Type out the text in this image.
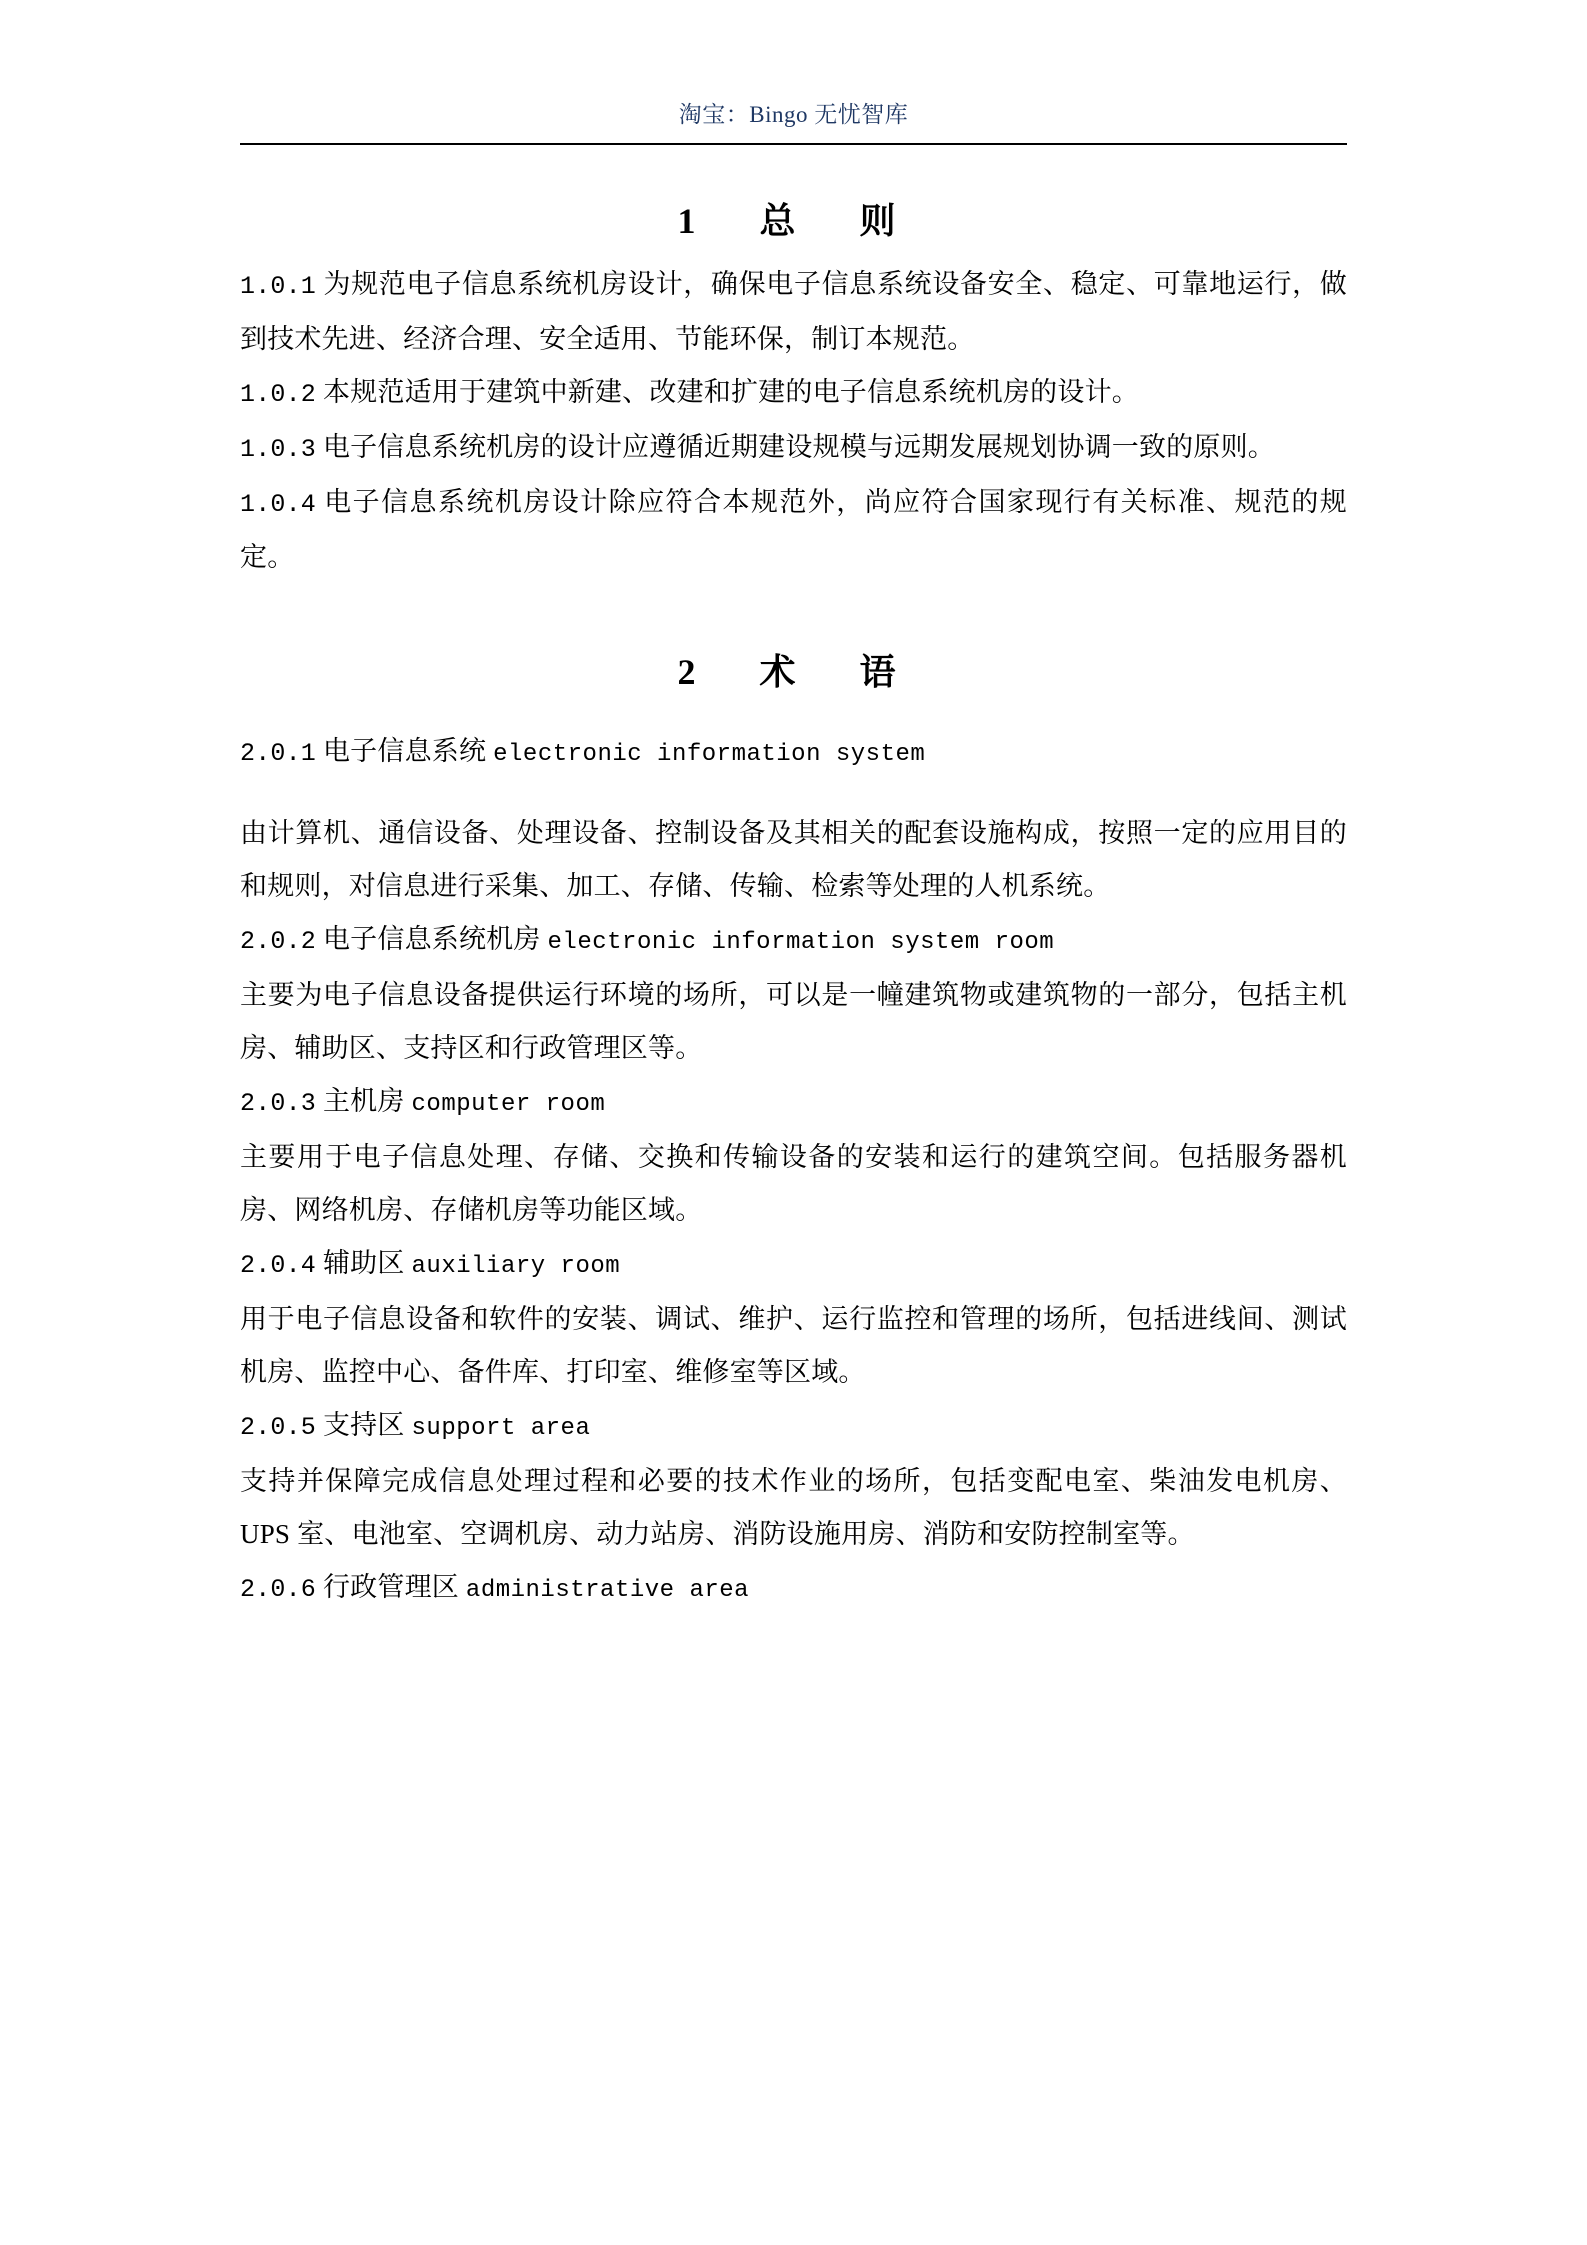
淘宝：Bingo 无忧智库
1　总　则

1.0.1 为规范电子信息系统机房设计，确保电子信息系统设备安全、稳定、可靠地运行，做到技术先进、经济合理、安全适用、节能环保，制订本规范。

1.0.2 本规范适用于建筑中新建、改建和扩建的电子信息系统机房的设计。

1.0.3 电子信息系统机房的设计应遵循近期建设规模与远期发展规划协调一致的原则。

1.0.4 电子信息系统机房设计除应符合本规范外，尚应符合国家现行有关标准、规范的规定。

2　术　语

2.0.1 电子信息系统 electronic information system

由计算机、通信设备、处理设备、控制设备及其相关的配套设施构成，按照一定的应用目的和规则，对信息进行采集、加工、存储、传输、检索等处理的人机系统。

2.0.2 电子信息系统机房 electronic information system room

主要为电子信息设备提供运行环境的场所，可以是一幢建筑物或建筑物的一部分，包括主机房、辅助区、支持区和行政管理区等。

2.0.3 主机房 computer room

主要用于电子信息处理、存储、交换和传输设备的安装和运行的建筑空间。包括服务器机房、网络机房、存储机房等功能区域。

2.0.4 辅助区 auxiliary room

用于电子信息设备和软件的安装、调试、维护、运行监控和管理的场所，包括进线间、测试机房、监控中心、备件库、打印室、维修室等区域。

2.0.5 支持区 support area

支持并保障完成信息处理过程和必要的技术作业的场所，包括变配电室、柴油发电机房、UPS 室、电池室、空调机房、动力站房、消防设施用房、消防和安防控制室等。

2.0.6 行政管理区 administrative area
